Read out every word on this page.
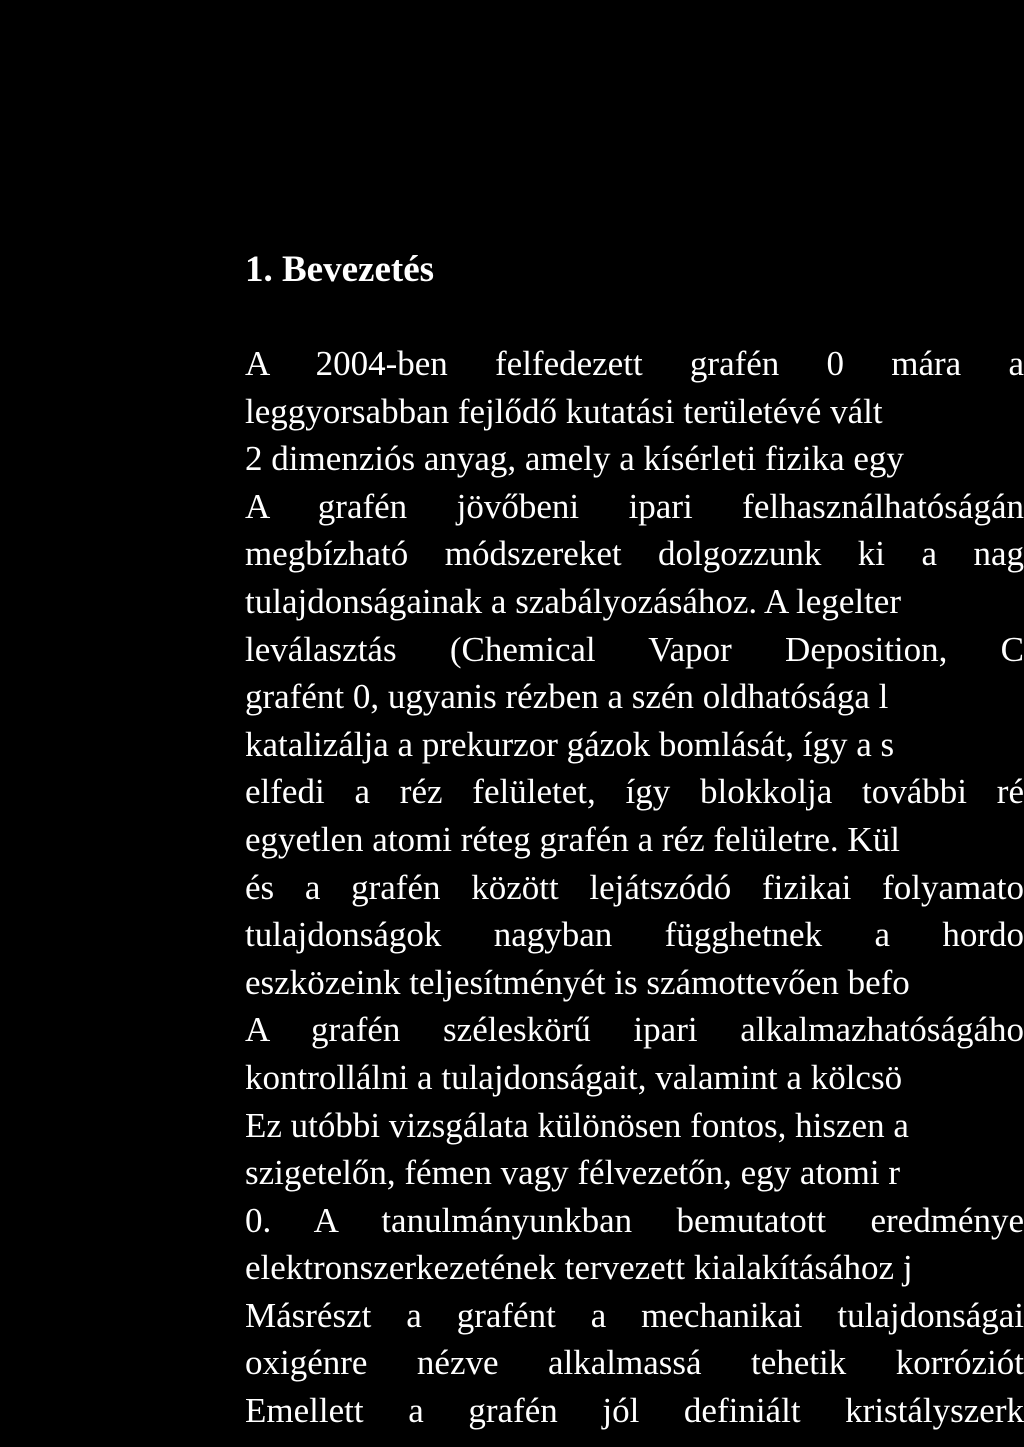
1. Bevezetés
A 2004-ben felfedezett grafén 0 mára a
leggyorsabban fejlődő kutatási területévé vált
2 dimenziós anyag, amely a kísérleti fizika egy
A grafén jövőbeni ipari felhasználhatóságán
megbízható módszereket dolgozzunk ki a nag
tulajdonságainak a szabályozásához. A legelter
leválasztás (Chemical Vapor Deposition, C
grafént 0, ugyanis rézben a szén oldhatósága l
katalizálja a prekurzor gázok bomlását, így a s
elfedi a réz felületet, így blokkolja további ré
egyetlen atomi réteg grafén a réz felületre. Kül
és a grafén között lejátszódó fizikai folyamato
tulajdonságok nagyban függhetnek a hordo
eszközeink teljesítményét is számottevően befo
A grafén széleskörű ipari alkalmazhatóságáho
kontrollálni a tulajdonságait, valamint a kölcsö
Ez utóbbi vizsgálata különösen fontos, hiszen a
szigetelőn, fémen vagy félvezetőn, egy atomi r
0. A tanulmányunkban bemutatott eredménye
elektronszerkezetének tervezett kialakításához j
Másrészt a grafént a mechanikai tulajdonságai
oxigénre nézve alkalmassá tehetik korróziót
Emellett a grafén jól definiált kristályszerk
